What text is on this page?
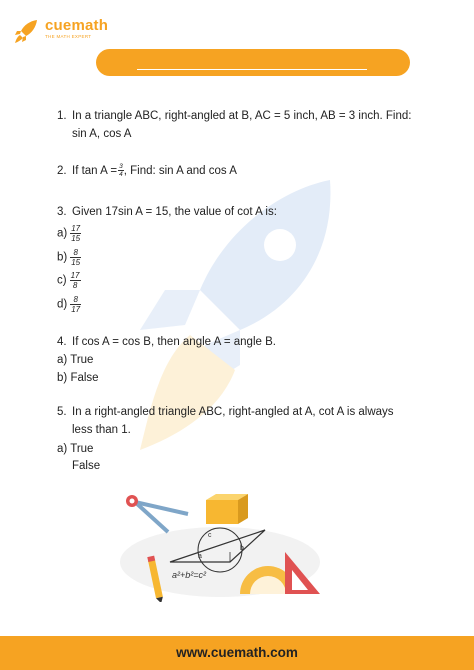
cuemath
THE MATH EXPERT
1. In a triangle ABC, right-angled at B, AC = 5 inch, AB = 3 inch. Find:
sin A, cos A
2. If $\tan A = \frac{3}{4}$ , Find: sin A and cos A
3. Given 17sin A = 15, the value of cot A is:
$a) \frac{17}{15}$
$b) \frac{8}{15}$
$c) \frac{17}{8}$
$d) \frac{8}{17}$
4. If cos A = cos B, then angle A = angle B.
a) True
b) False
5. In a right-angled triangle ABC, right-angled at A, cot A is always
less than 1.
a) True
False
c
a
b
a²+b²=c²
www.cuemath.com
